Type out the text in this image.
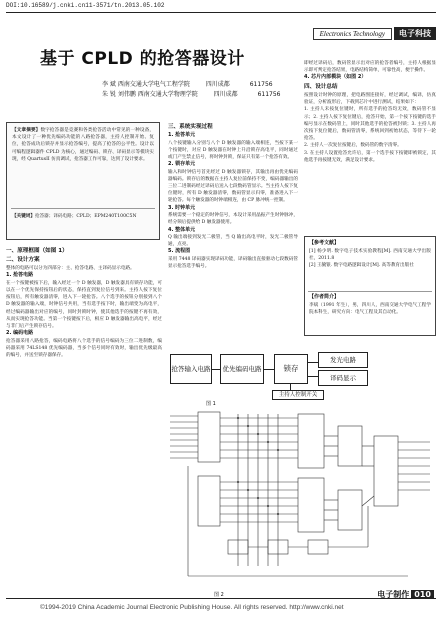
DOI:10.16589/j.cnki.cn11-3571/tn.2013.05.102
Electronics Technology	电子科技
基于 CPLD 的抢答器设计
李 斌 西南交通大学电气工程学院	四川成都	611756
朱 锐 刘伟鹏 西南交通大学物理学院	四川成都	611756

【文章摘要】数字抢答器是竞赛和各类抢答活动中常见的一种设备，本文设计了一种优先编码功能的八路抢答器，主持人控制开始、复位，抢答成功后锁存并显示抢答编号，提高了抢答的公平性。设计以可编程逻辑器件 CPLD 为核心，通过编码、锁存、译码显示等模块实现，经 QuartusII 仿真调试，抢答器工作可靠，达到了设计要求。

【关键词】抢答器；译码电路；CPLD；EPM240T100C5N

一、原理框图（如图 1）
二、设计方案

整体的电路可以分为四部分：主、抢答电路、主译码显示电路。

1. 抢答电路

在一个按键被按下后，输入经过一个 D 触发器，D 触发器具有锁存功能，可以在一个优先保持按钮后的状态，保持直到复位信号到来。主持人按下复位按钮后，所有触发器清零，进入下一轮抢答。八个选手的按钮分别接到八个 D 触发器的输入端，时钟信号共用，当有选手按下时，输出端变为高电平，经过编码器输出对应的编号，同时封锁时钟，使其他选手的按键不再有效，从而实现抢答功能。当第一个按键按下后，相应 D 触发器输出高电平，经过与非门后产生锁存信号。

2. 编码电路

抢答器采用八路抢答，编码电路将八个选手的信号编码为三位二进制数，编码器采用 74LS148 优先编码器，当多个信号同时有效时，输出优先级最高的编号，并送至锁存器保存。

三、系统实现过程
1. 抢答单元

八个按键输入分别与八个 D 触发器的输入端相连，当按下某一个按键时，对应 D 触发器在时钟上升沿锁存高电平，同时通过或门产生禁止信号，将时钟封锁，保证只有第一个抢答有效。

2. 锁存单元

输入和时钟信号首先经过 D 触发器锁存，其输出再由优先编码器编码。锁存后的数据在主持人复位前保持不变，编码器输出的三位二进制码经过译码后送入七段数码管显示。当主持人按下复位键时，所有 D 触发器清零，数码管显示归零，准备进入下一轮抢答。每个触发器的时钟端相连，由 CP 脉冲统一控制。

3. 时钟单元

系统需要一个稳定的时钟信号，本设计采用晶振产生时钟脉冲，经分频后提供给 D 触发器使用。

4. 整体单元

Q 输出端接到发光二极管，当 Q 输出高电平时，发光二极管导通，点亮。

5. 流程图

采用 7448 译码器实现译码功能，译码输出直接驱动七段数码管显示抢答选手编号。

即经过译码后，数码管显示出对应的抢答者编号，主持人根据显示即可判定抢答结果，电路结构简单，可靠性高，便于操作。

4. 芯片内部模块（如图 2）
四、设计总结

按照设计时钟的原理，把电路图连接好，经过调试，编译，仿真验证，分析波形后，下载到芯片中进行测试，结果如下：

1. 主持人未按复位键时，所有选手的抢答均无效，数码管不显示；2. 主持人按下复位键后，抢答开始，第一个按下按键的选手编号显示在数码管上，同时其他选手的抢答被封锁；3. 主持人再次按下复位键后，数码管清零，系统回到初始状态，等待下一轮抢答。

2. 主持人一次复位按键后，数码管的数字清零。

3. 在主持人设置抢答允许后，第一个选手按下按键即被锁定，其他选手再按键无效，满足设计要求。

【参考文献】

[1] 杨少明. 数字电子技术实验教程[M]. 西南交通大学出版社，2011.8

[2] 王毓银. 数字电路逻辑设计[M]. 高等教育出版社

【作者简介】

李斌（1991 年生），男，四川人，西南交通大学电气工程学院本科生，研究方向：电气工程及其自动化。

抢答输入电路	优先编码电路	锁存
发光电路
译码显示
主持人控制开关
图 1
图 2	电子制作 010
©1994-2019 China Academic Journal Electronic Publishing House. All rights reserved. http://www.cnki.net
